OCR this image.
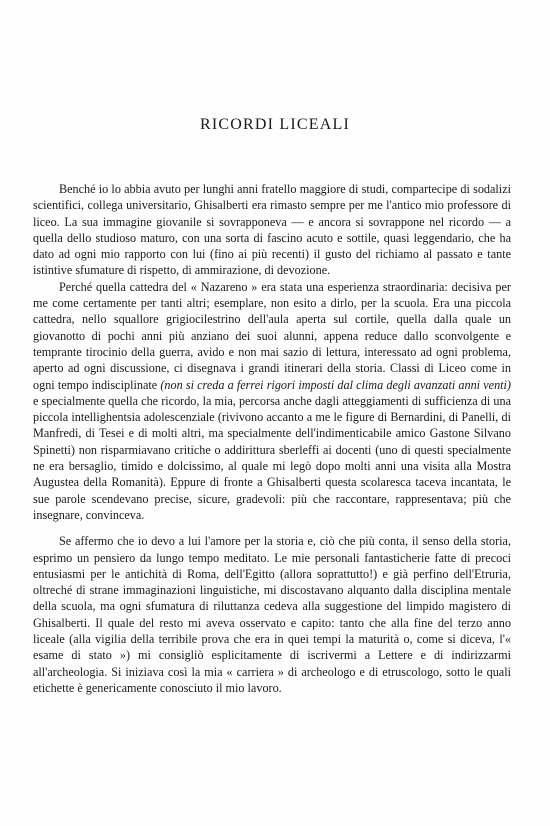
RICORDI LICEALI

Benché io lo abbia avuto per lunghi anni fratello maggiore di studi, compartecipe di sodalizi scientifici, collega universitario, Ghisalberti era rimasto sempre per me l'antico mio professore di liceo. La sua immagine giovanile si sovrapponeva — e ancora si sovrappone nel ricordo — a quella dello studioso maturo, con una sorta di fascino acuto e sottile, quasi leggendario, che ha dato ad ogni mio rapporto con lui (fino ai più recenti) il gusto del richiamo al passato e tante istintive sfumature di rispetto, di ammirazione, di devozione.

Perché quella cattedra del « Nazareno » era stata una esperienza straordinaria: decisiva per me come certamente per tanti altri; esemplare, non esito a dirlo, per la scuola. Era una piccola cattedra, nello squallore grigiocilestrino dell'aula aperta sul cortile, quella dalla quale un giovanotto di pochi anni più anziano dei suoi alunni, appena reduce dallo sconvolgente e temprante tirocinio della guerra, avido e non mai sazio di lettura, interessato ad ogni problema, aperto ad ogni discussione, ci disegnava i grandi itinerari della storia. Classi di Liceo come in ogni tempo indisciplinate (non si creda a ferrei rigori imposti dal clima degli avanzati anni venti) e specialmente quella che ricordo, la mia, percorsa anche dagli atteggiamenti di sufficienza di una piccola intellighentsia adolescenziale (rivivono accanto a me le figure di Bernardini, di Panelli, di Manfredi, di Tesei e di molti altri, ma specialmente dell'indimenticabile amico Gastone Silvano Spinetti) non risparmiavano critiche o addirittura sberleffi ai docenti (uno di questi specialmente ne era bersaglio, timido e dolcissimo, al quale mi legò dopo molti anni una visita alla Mostra Augustea della Romanità). Eppure di fronte a Ghisalberti questa scolaresca taceva incantata, le sue parole scendevano precise, sicure, gradevoli: più che raccontare, rappresentava; più che insegnare, convinceva.

Se affermo che io devo a lui l'amore per la storia e, ciò che più conta, il senso della storia, esprimo un pensiero da lungo tempo meditato. Le mie personali fantasticherie fatte di precoci entusiasmi per le antichità di Roma, dell'Egitto (allora soprattutto!) e già perfino dell'Etruria, oltreché di strane immaginazioni linguistiche, mi discostavano alquanto dalla disciplina mentale della scuola, ma ogni sfumatura di riluttanza cedeva alla suggestione del limpido magistero di Ghisalberti. Il quale del resto mi aveva osservato e capito: tanto che alla fine del terzo anno liceale (alla vigilia della terribile prova che era in quei tempi la maturità o, come si diceva, l'« esame di stato ») mi consigliò esplicitamente di iscrivermi a Lettere e di indirizzarmi all'archeologia. Si iniziava così la mia « carriera » di archeologo e di etruscologo, sotto le quali etichette è genericamente conosciuto il mio lavoro.
